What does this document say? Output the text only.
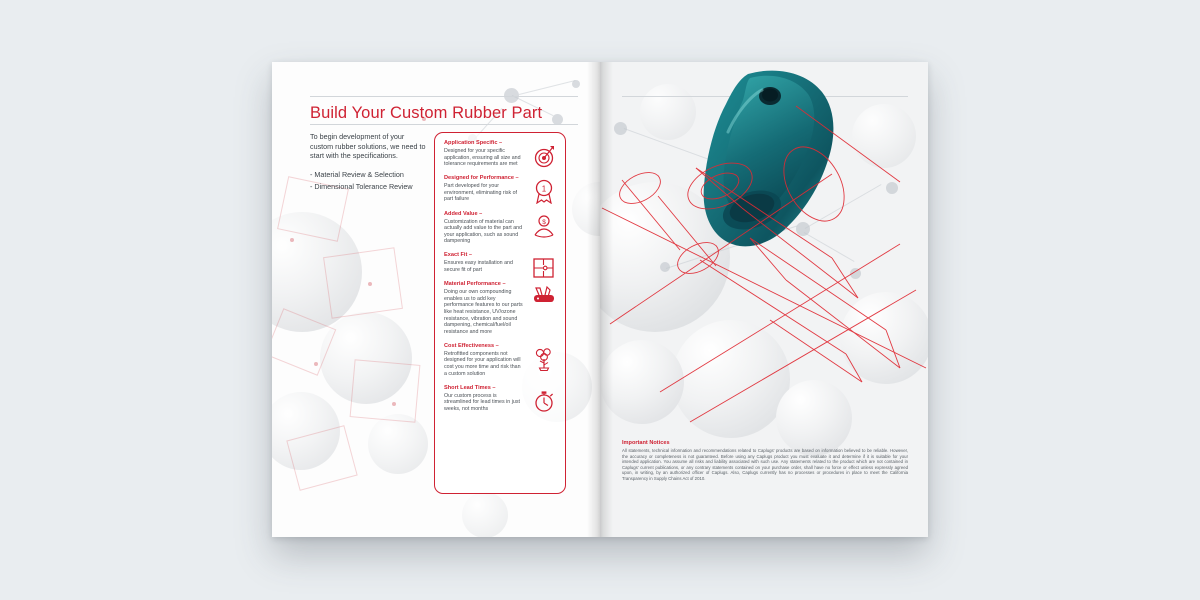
Build Your Custom Rubber Part

To begin development of your custom rubber solutions, we need to start with the specifications.

- Material Review & Selection

- Dimensional Tolerance Review

Application Specific –
Designed for your specific application, ensuring all size and tolerance requirements are met
Designed for Performance –
Part developed for your environment, eliminating risk of part failure
1
Added Value –
Customization of material can actually add value to the part and your application, such as sound dampening
$
Exact Fit –
Ensures easy installation and secure fit of part
Material Performance –
Doing our own compounding enables us to add key performance features to our parts like heat resistance, UV/ozone resistance, vibration and sound dampening, chemical/fuel/oil resistance and more
Cost Effectiveness –
Retrofitted components not designed for your application will cost you more time and risk than a custom solution
Short Lead Times –
Our custom process is streamlined for lead times in just weeks, not months
Important Notices
All statements, technical information and recommendations related to Caplugs' products are based on information believed to be reliable. However, the accuracy or completeness is not guaranteed. Before using any Caplugs product you must evaluate it and determine if it is suitable for your intended application. You assume all risks and liability associated with such use. Any statements related to the product which are not contained in Caplugs' current publications, or any contrary statements contained on your purchase order, shall have no force or effect unless expressly agreed upon, in writing, by an authorized officer of Caplugs. Also, Caplugs currently has no processes or procedures in place to meet the California Transparency in Supply Chains Act of 2010.
